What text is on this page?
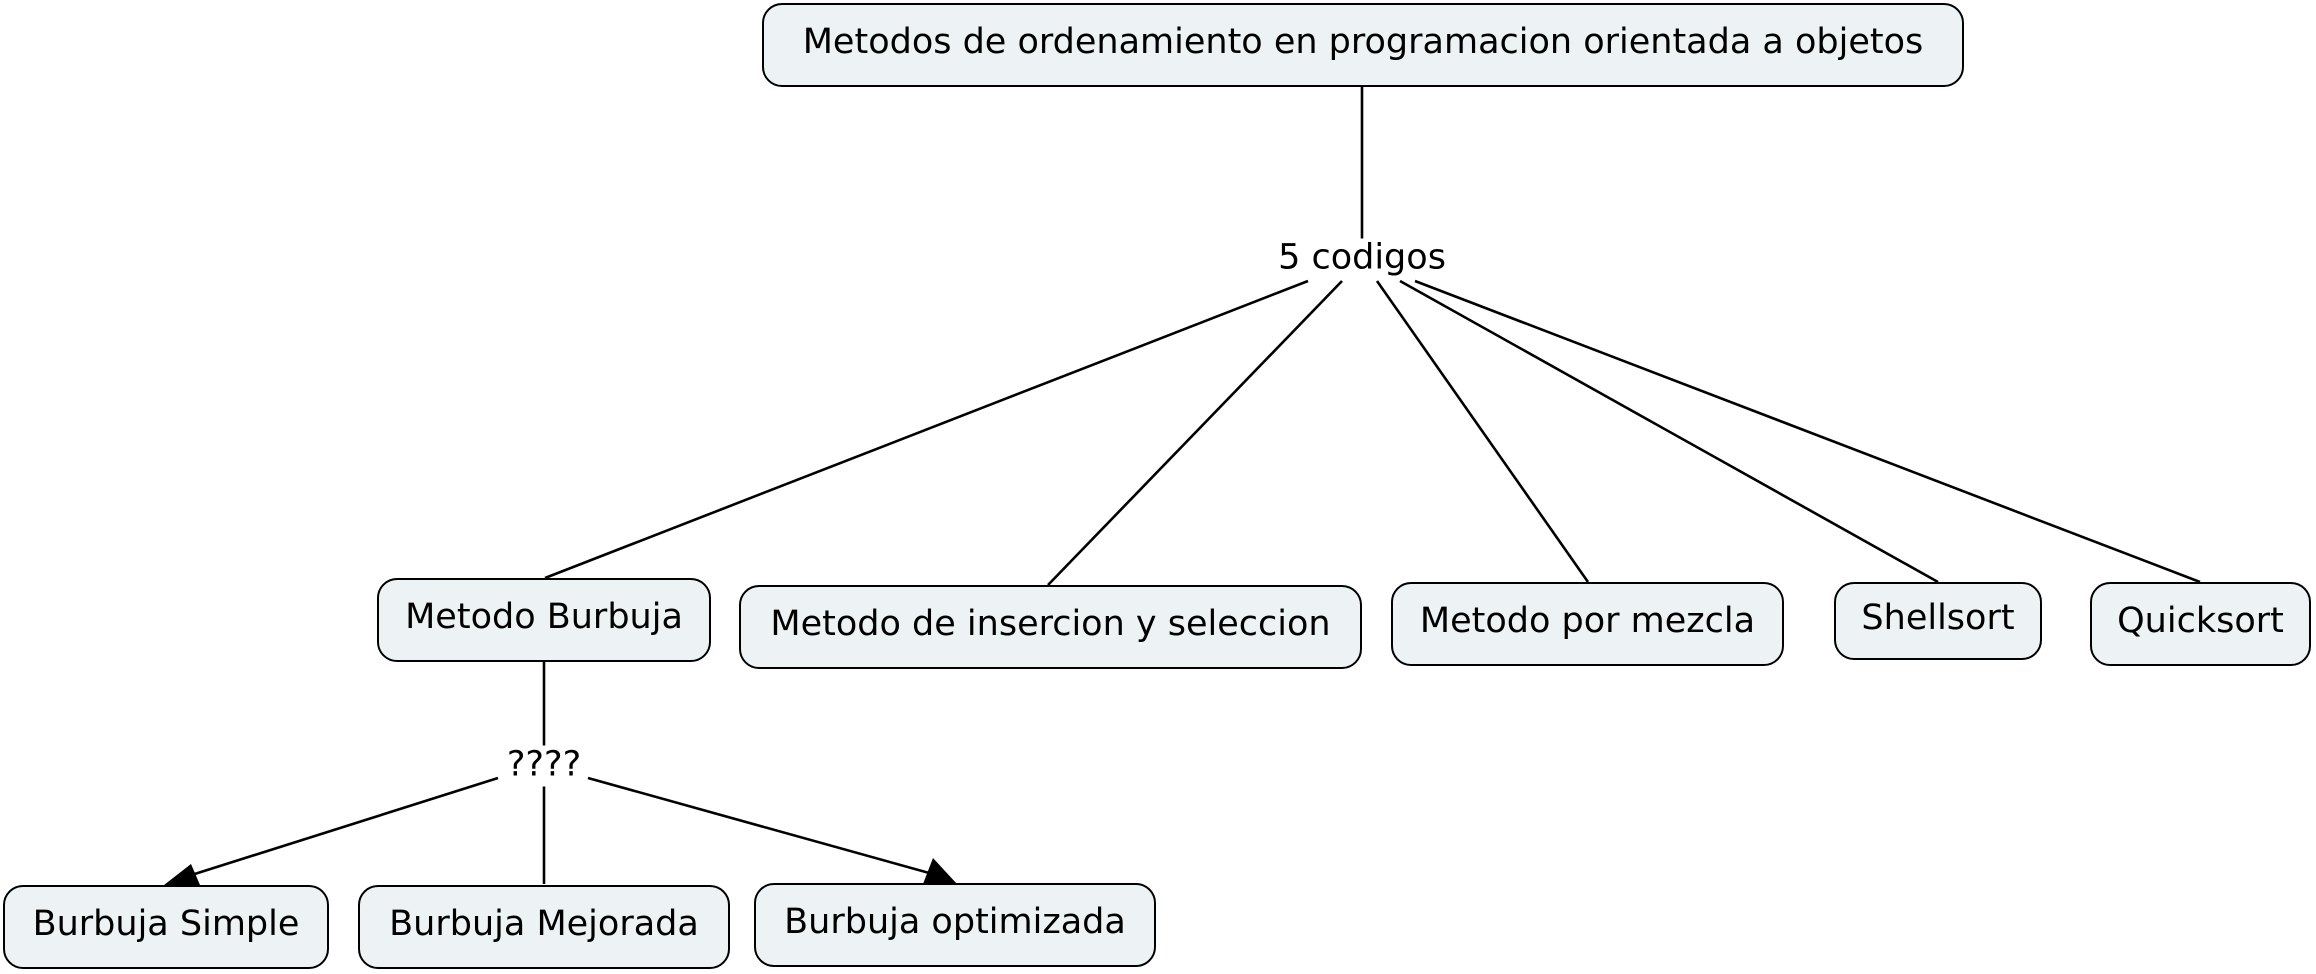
Metodos de ordenamiento en programacion orientada a objetos
5 codigos
Metodo Burbuja	Metodo de insercion y seleccion	Metodo por mezcla	Shellsort	Quicksort
????
Burbuja Simple	Burbuja Mejorada Burbuja optimizada
